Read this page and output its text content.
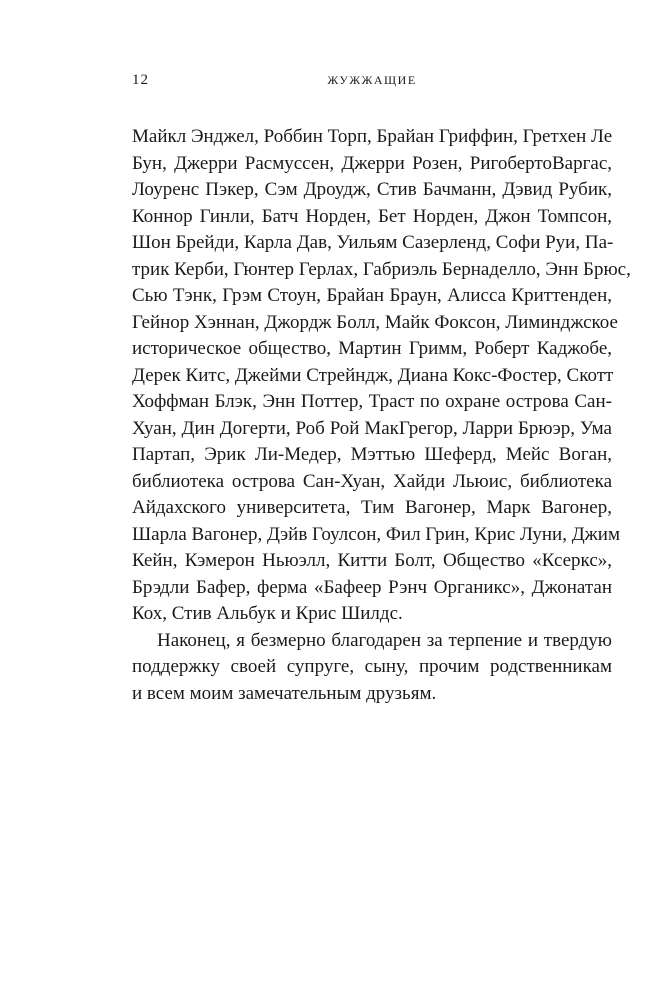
12	ЖУЖЖАЩИЕ
Майкл Энджел, Роббин Торп, Брайан Гриффин, Гретхен Ле
Бун, Джерри Расмуссен, Джерри Розен, РигобертоВаргас,
Лоуренс Пэкер, Сэм Дроудж, Стив Бачманн, Дэвид Рубик,
Коннор Гинли, Батч Норден, Бет Норден, Джон Томпсон,
Шон Брейди, Карла Дав, Уильям Сазерленд, Софи Руи, Па-
трик Керби, Гюнтер Герлах, Габриэль Бернаделло, Энн Брюс,
Сью Тэнк, Грэм Стоун, Брайан Браун, Алисса Криттенден,
Гейнор Хэннан, Джордж Болл, Майк Фоксон, Лиминджское
историческое общество, Мартин Гримм, Роберт Каджобе,
Дерек Китс, Джейми Стрейндж, Диана Кокс-Фостер, Скотт
Хоффман Блэк, Энн Поттер, Траст по охране острова Сан-
Хуан, Дин Догерти, Роб Рой МакГрегор, Ларри Брюэр, Ума
Партап, Эрик Ли-Медер, Мэттью Шеферд, Мейс Воган,
библиотека острова Сан-Хуан, Хайди Льюис, библиотека
Айдахского университета, Тим Вагонер, Марк Вагонер,
Шарла Вагонер, Дэйв Гоулсон, Фил Грин, Крис Луни, Джим
Кейн, Кэмерон Ньюэлл, Китти Болт, Общество «Ксеркс»,
Брэдли Бафер, ферма «Бафеер Рэнч Органикс», Джонатан
Кох, Стив Альбук и Крис Шилдс.
Наконец, я безмерно благодарен за терпение и твердую
поддержку своей супруге, сыну, прочим родственникам
и всем моим замечательным друзьям.
